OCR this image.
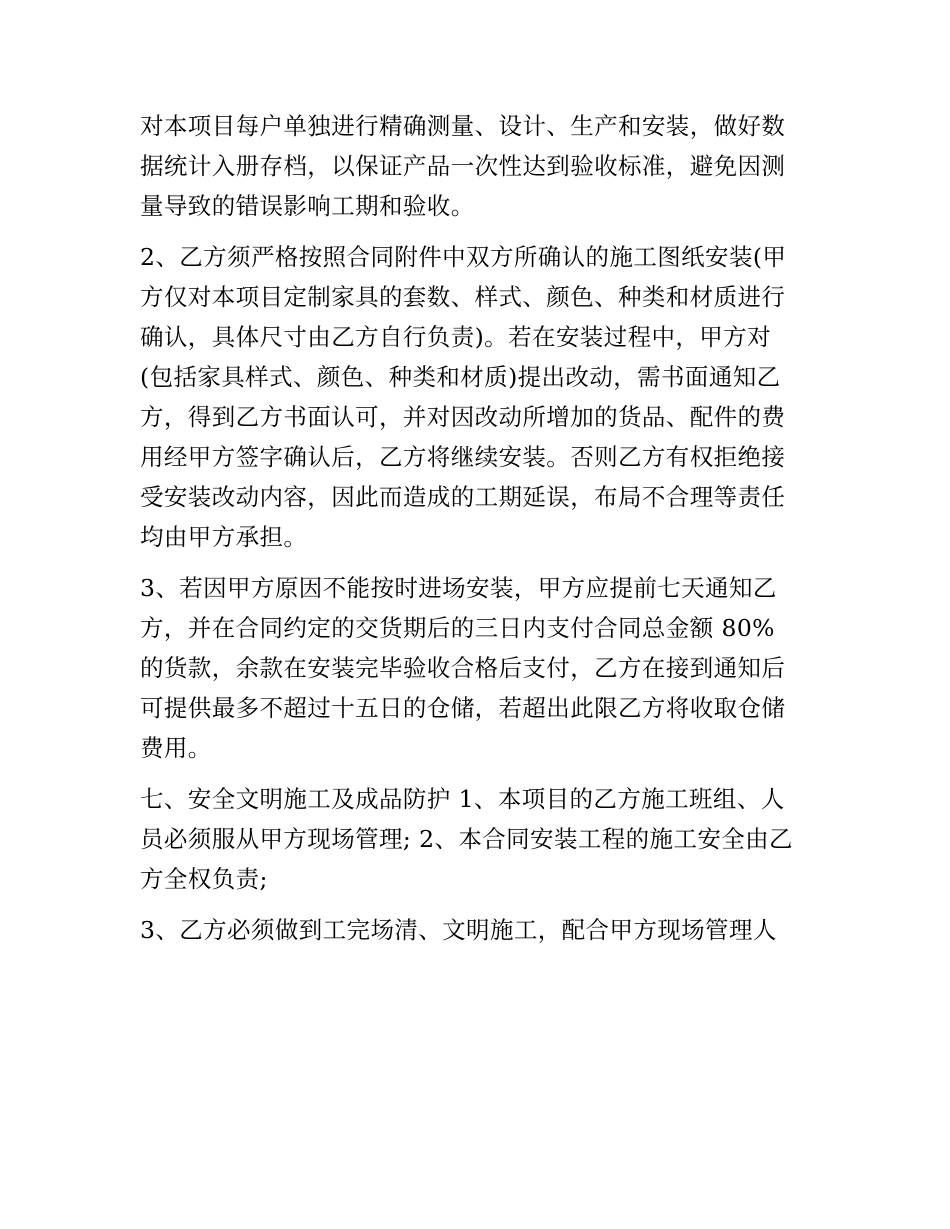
对本项目每户单独进行精确测量、设计、生产和安装，做好数
据统计入册存档，以保证产品一次性达到验收标准，避免因测
量导致的错误影响工期和验收。
2、乙方须严格按照合同附件中双方所确认的施工图纸安装(甲
方仅对本项目定制家具的套数、样式、颜色、种类和材质进行
确认，具体尺寸由乙方自行负责)。若在安装过程中，甲方对
(包括家具样式、颜色、种类和材质)提出改动，需书面通知乙
方，得到乙方书面认可，并对因改动所增加的货品、配件的费
用经甲方签字确认后，乙方将继续安装。否则乙方有权拒绝接
受安装改动内容，因此而造成的工期延误，布局不合理等责任
均由甲方承担。
3、若因甲方原因不能按时进场安装，甲方应提前七天通知乙
方，并在合同约定的交货期后的三日内支付合同总金额 80%
的货款，余款在安装完毕验收合格后支付，乙方在接到通知后
可提供最多不超过十五日的仓储，若超出此限乙方将收取仓储
费用。
七、安全文明施工及成品防护 1、本项目的乙方施工班组、人
员必须服从甲方现场管理; 2、本合同安装工程的施工安全由乙
方全权负责;
3、乙方必须做到工完场清、文明施工，配合甲方现场管理人
